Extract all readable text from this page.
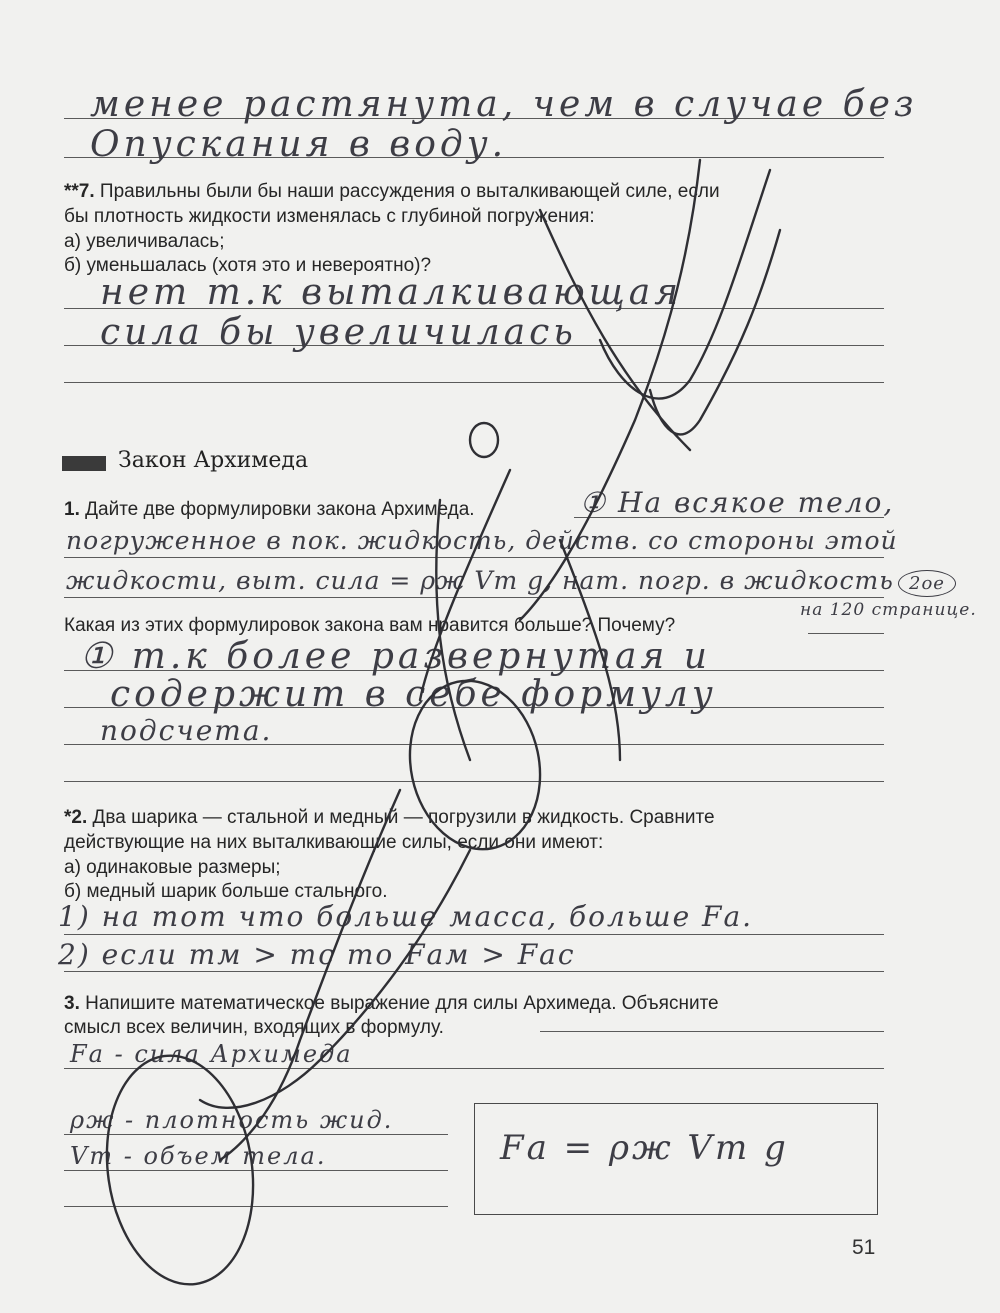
менее растянута, чем в случае без
Опускания в воду.
**7. Правильны были бы наши рассуждения о выталкивающей силе, если
бы плотность жидкости изменялась с глубиной погружения:
а) увеличивалась;
б) уменьшалась (хотя это и невероятно)?
нет т.к выталкивающая
сила бы увеличилась
Закон Архимеда
1. Дайте две формулировки закона Архимеда.	① На всякое тело,
погруженное в пок. жидкость, действ. со стороны этой
жидкости, выт. сила = ρж Vт g, нат. погр. в жидкость 2ое
на 120 странице.
Какая из этих формулировок закона вам нравится больше? Почему?
① т.к более развернутая и
содержит в себе формулу
подсчета.
*2. Два шарика — стальной и медный — погрузили в жидкость. Сравните
действующие на них выталкивающие силы, если они имеют:
а) одинаковые размеры;
б) медный шарик больше стального.
1) на тот что больше масса, больше Fа.
2) если mм > mс то Fам > Fас
3. Напишите математическое выражение для силы Архимеда. Объясните
смысл всех величин, входящих в формулу.
Fа - сила Архимеда
ρж - плотность жид.
Vт - объем тела.	Fа = ρж Vт g
51
